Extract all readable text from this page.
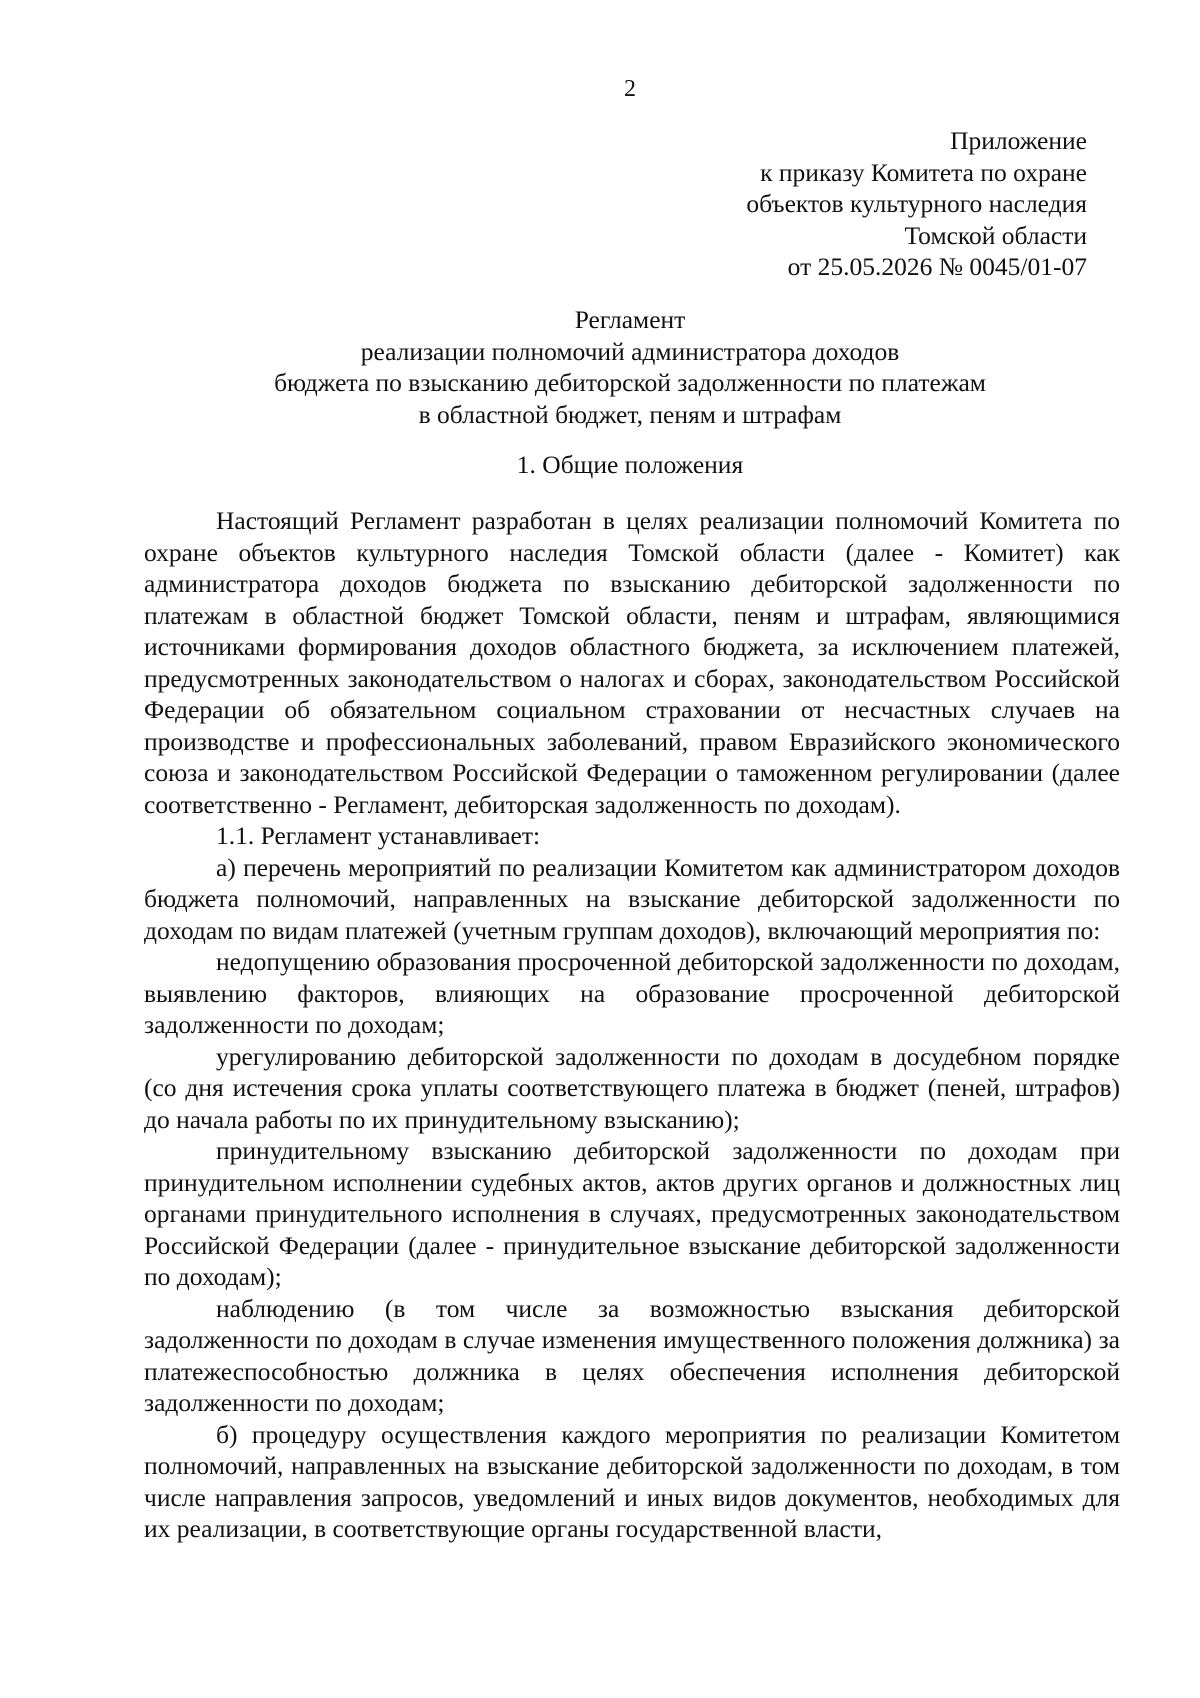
2
Приложение
к приказу Комитета по охране
объектов культурного наследия
Томской области
от 25.05.2026 № 0045/01-07
Регламент
реализации полномочий администратора доходов
бюджета по взысканию дебиторской задолженности по платежам
в областной бюджет, пеням и штрафам
1. Общие положения

Настоящий Регламент разработан в целях реализации полномочий Комитета по охране объектов культурного наследия Томской области (далее - Комитет) как администратора доходов бюджета по взысканию дебиторской задолженности по платежам в областной бюджет Томской области, пеням и штрафам, являющимися источниками формирования доходов областного бюджета, за исключением платежей, предусмотренных законодательством о налогах и сборах, законодательством Российской Федерации об обязательном социальном страховании от несчастных случаев на производстве и профессиональных заболеваний, правом Евразийского экономического союза и законодательством Российской Федерации о таможенном регулировании (далее соответственно - Регламент, дебиторская задолженность по доходам).

1.1. Регламент устанавливает:

а) перечень мероприятий по реализации Комитетом как администратором доходов бюджета полномочий, направленных на взыскание дебиторской задолженности по доходам по видам платежей (учетным группам доходов), включающий мероприятия по:

недопущению образования просроченной дебиторской задолженности по доходам, выявлению факторов, влияющих на образование просроченной дебиторской задолженности по доходам;

урегулированию дебиторской задолженности по доходам в досудебном порядке (со дня истечения срока уплаты соответствующего платежа в бюджет (пеней, штрафов) до начала работы по их принудительному взысканию);

принудительному взысканию дебиторской задолженности по доходам при принудительном исполнении судебных актов, актов других органов и должностных лиц органами принудительного исполнения в случаях, предусмотренных законодательством Российской Федерации (далее - принудительное взыскание дебиторской задолженности по доходам);

наблюдению (в том числе за возможностью взыскания дебиторской задолженности по доходам в случае изменения имущественного положения должника) за платежеспособностью должника в целях обеспечения исполнения дебиторской задолженности по доходам;

б) процедуру осуществления каждого мероприятия по реализации Комитетом полномочий, направленных на взыскание дебиторской задолженности по доходам, в том числе направления запросов, уведомлений и иных видов документов, необходимых для их реализации, в соответствующие органы государственной власти,
